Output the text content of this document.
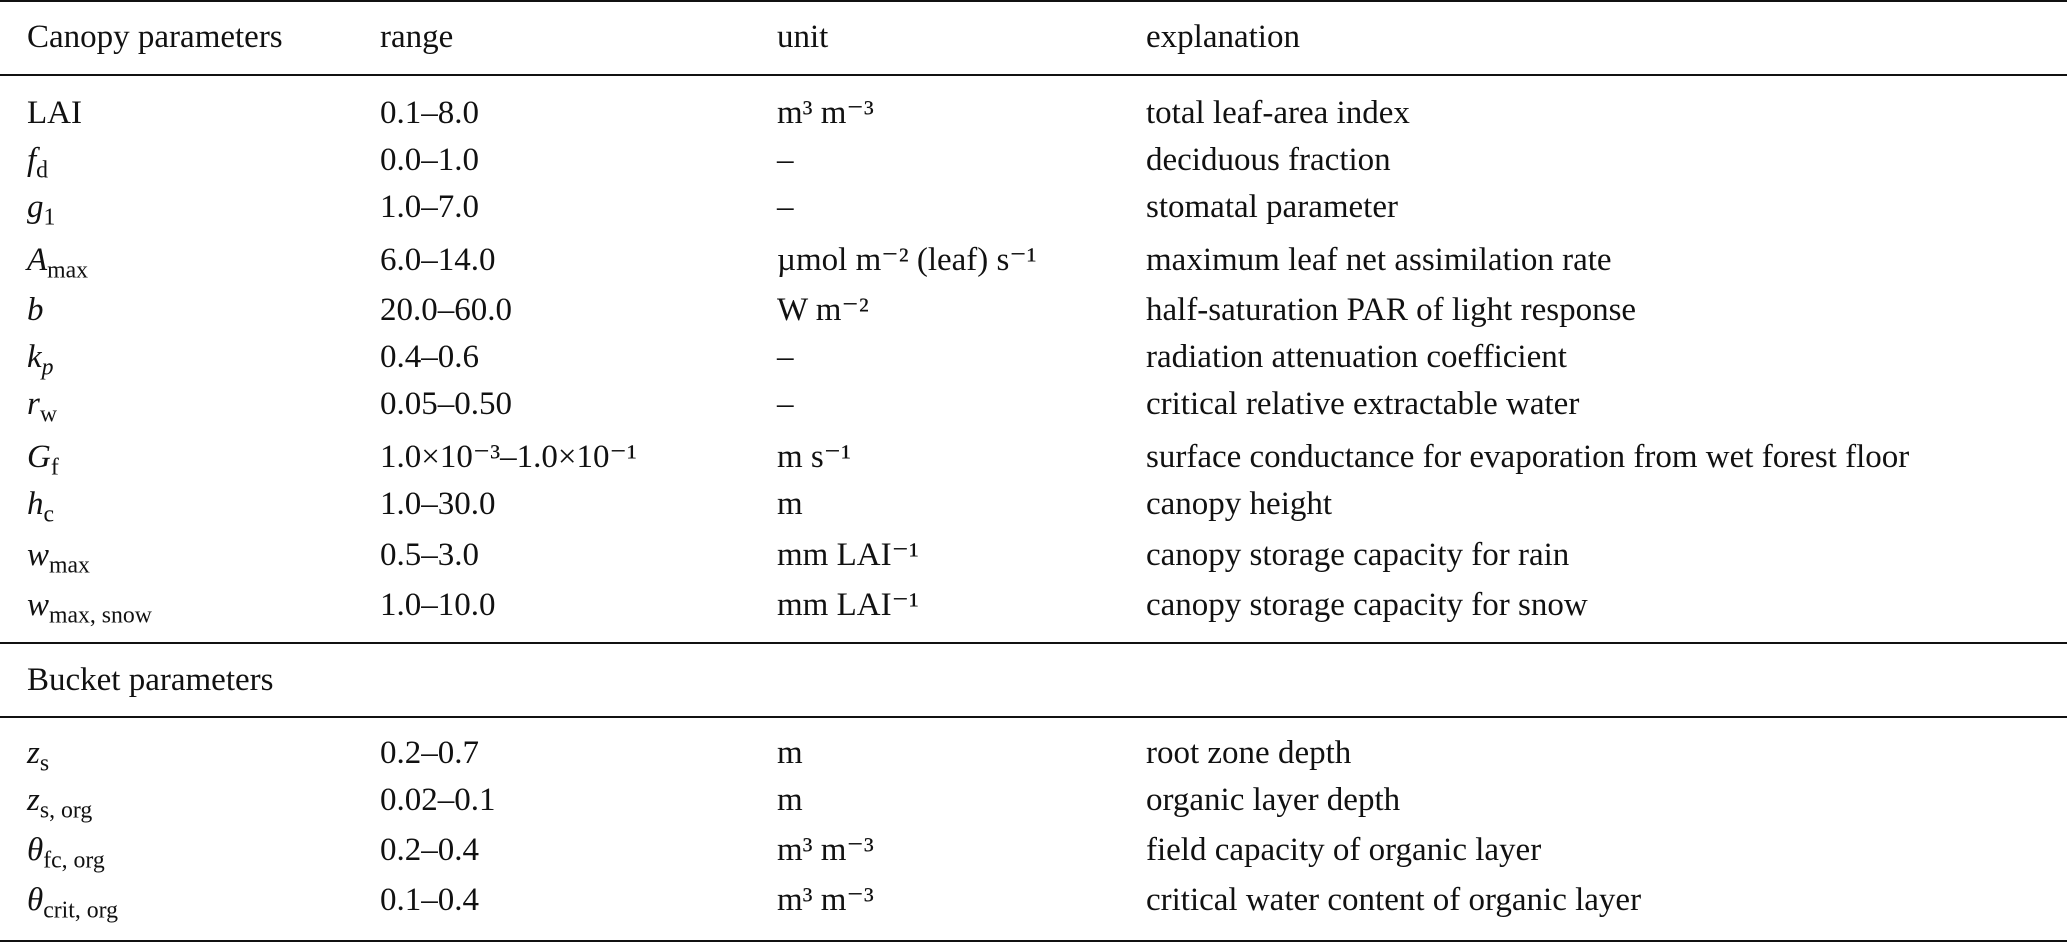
Canopy parameters	range	unit	explanation
LAI	0.1–8.0	m³ m⁻³	total leaf-area index
$f_d$	0.0–1.0	–	deciduous fraction
$g_1$	1.0–7.0	–	stomatal parameter
$A_{max}$	6.0–14.0	µmol m⁻² (leaf) s⁻¹	maximum leaf net assimilation rate
b	20.0–60.0	W m⁻²	half-saturation PAR of light response
$k_p$	0.4–0.6	–	radiation attenuation coefficient
$r_w$	0.05–0.50	–	critical relative extractable water
$G_f$	1.0×10⁻³–1.0×10⁻¹	m s⁻¹	surface conductance for evaporation from wet forest floor
$h_c$	1.0–30.0	m	canopy height
$w_{max}$	0.5–3.0	mm LAI⁻¹	canopy storage capacity for rain
$w_{max, snow}$	1.0–10.0	mm LAI⁻¹	canopy storage capacity for snow
Bucket parameters
$z_s$	0.2–0.7	m	root zone depth
$z_{s, org}$	0.02–0.1	m	organic layer depth
$\theta_{fc, org}$	0.2–0.4	m³ m⁻³	field capacity of organic layer
$\theta_{crit, org}$	0.1–0.4	m³ m⁻³	critical water content of organic layer
